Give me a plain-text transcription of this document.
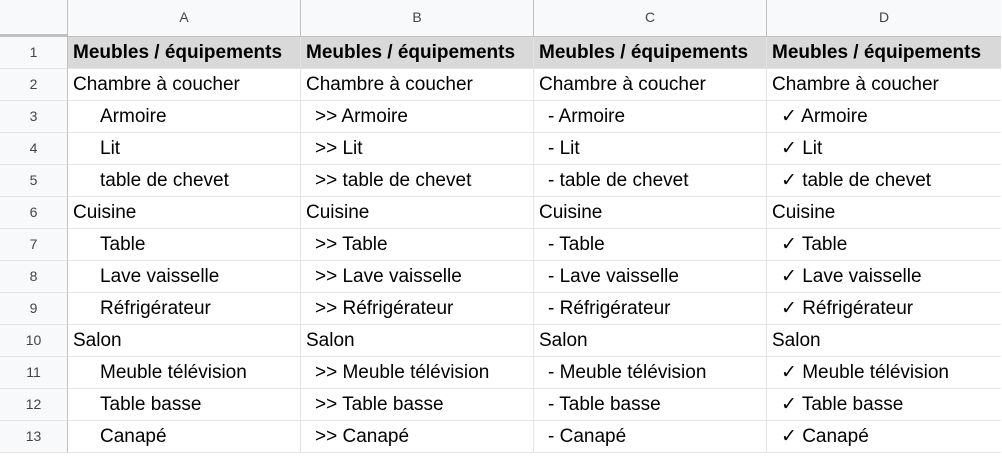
A	B	C	D
1	Meubles / équipements	Meubles / équipements	Meubles / équipements	Meubles / équipements
2	Chambre à coucher	Chambre à coucher	Chambre à coucher	Chambre à coucher
3	Armoire	>> Armoire	- Armoire	✓ Armoire
4	Lit	>> Lit	- Lit	✓ Lit
5	table de chevet	>> table de chevet	- table de chevet	✓ table de chevet
6	Cuisine	Cuisine	Cuisine	Cuisine
7	Table	>> Table	- Table	✓ Table
8	Lave vaisselle	>> Lave vaisselle	- Lave vaisselle	✓ Lave vaisselle
9	Réfrigérateur	>> Réfrigérateur	- Réfrigérateur	✓ Réfrigérateur
10	Salon	Salon	Salon	Salon
11	Meuble télévision	>> Meuble télévision	- Meuble télévision	✓ Meuble télévision
12	Table basse	>> Table basse	- Table basse	✓ Table basse
13	Canapé	>> Canapé	- Canapé	✓ Canapé
